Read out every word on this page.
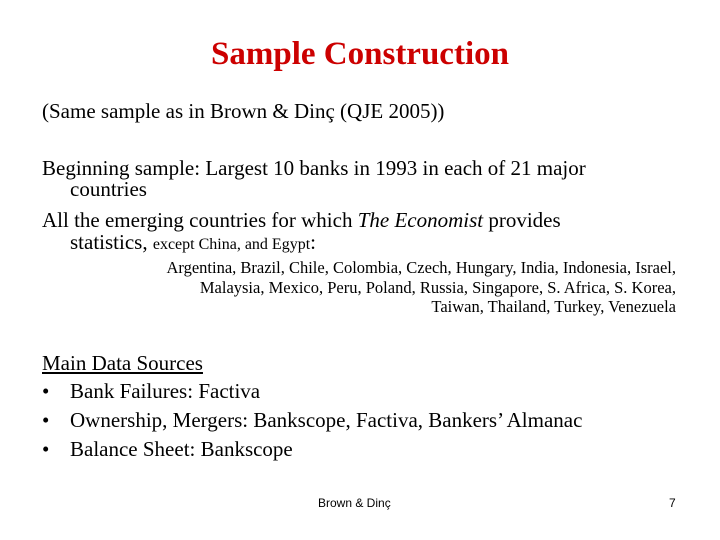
Sample Construction
(Same sample as in Brown & Dinç (QJE 2005))
Beginning sample: Largest 10 banks in 1993 in each of 21 major
countries
All the emerging countries for which The Economist provides
statistics, except China, and Egypt:
Argentina, Brazil, Chile, Colombia, Czech, Hungary, India, Indonesia, Israel,
Malaysia, Mexico, Peru, Poland, Russia, Singapore, S. Africa, S. Korea,
Taiwan, Thailand, Turkey, Venezuela
Main Data Sources
• Bank Failures: Factiva
• Ownership, Mergers: Bankscope, Factiva, Bankers’ Almanac
• Balance Sheet: Bankscope
Brown & Dinç	7
